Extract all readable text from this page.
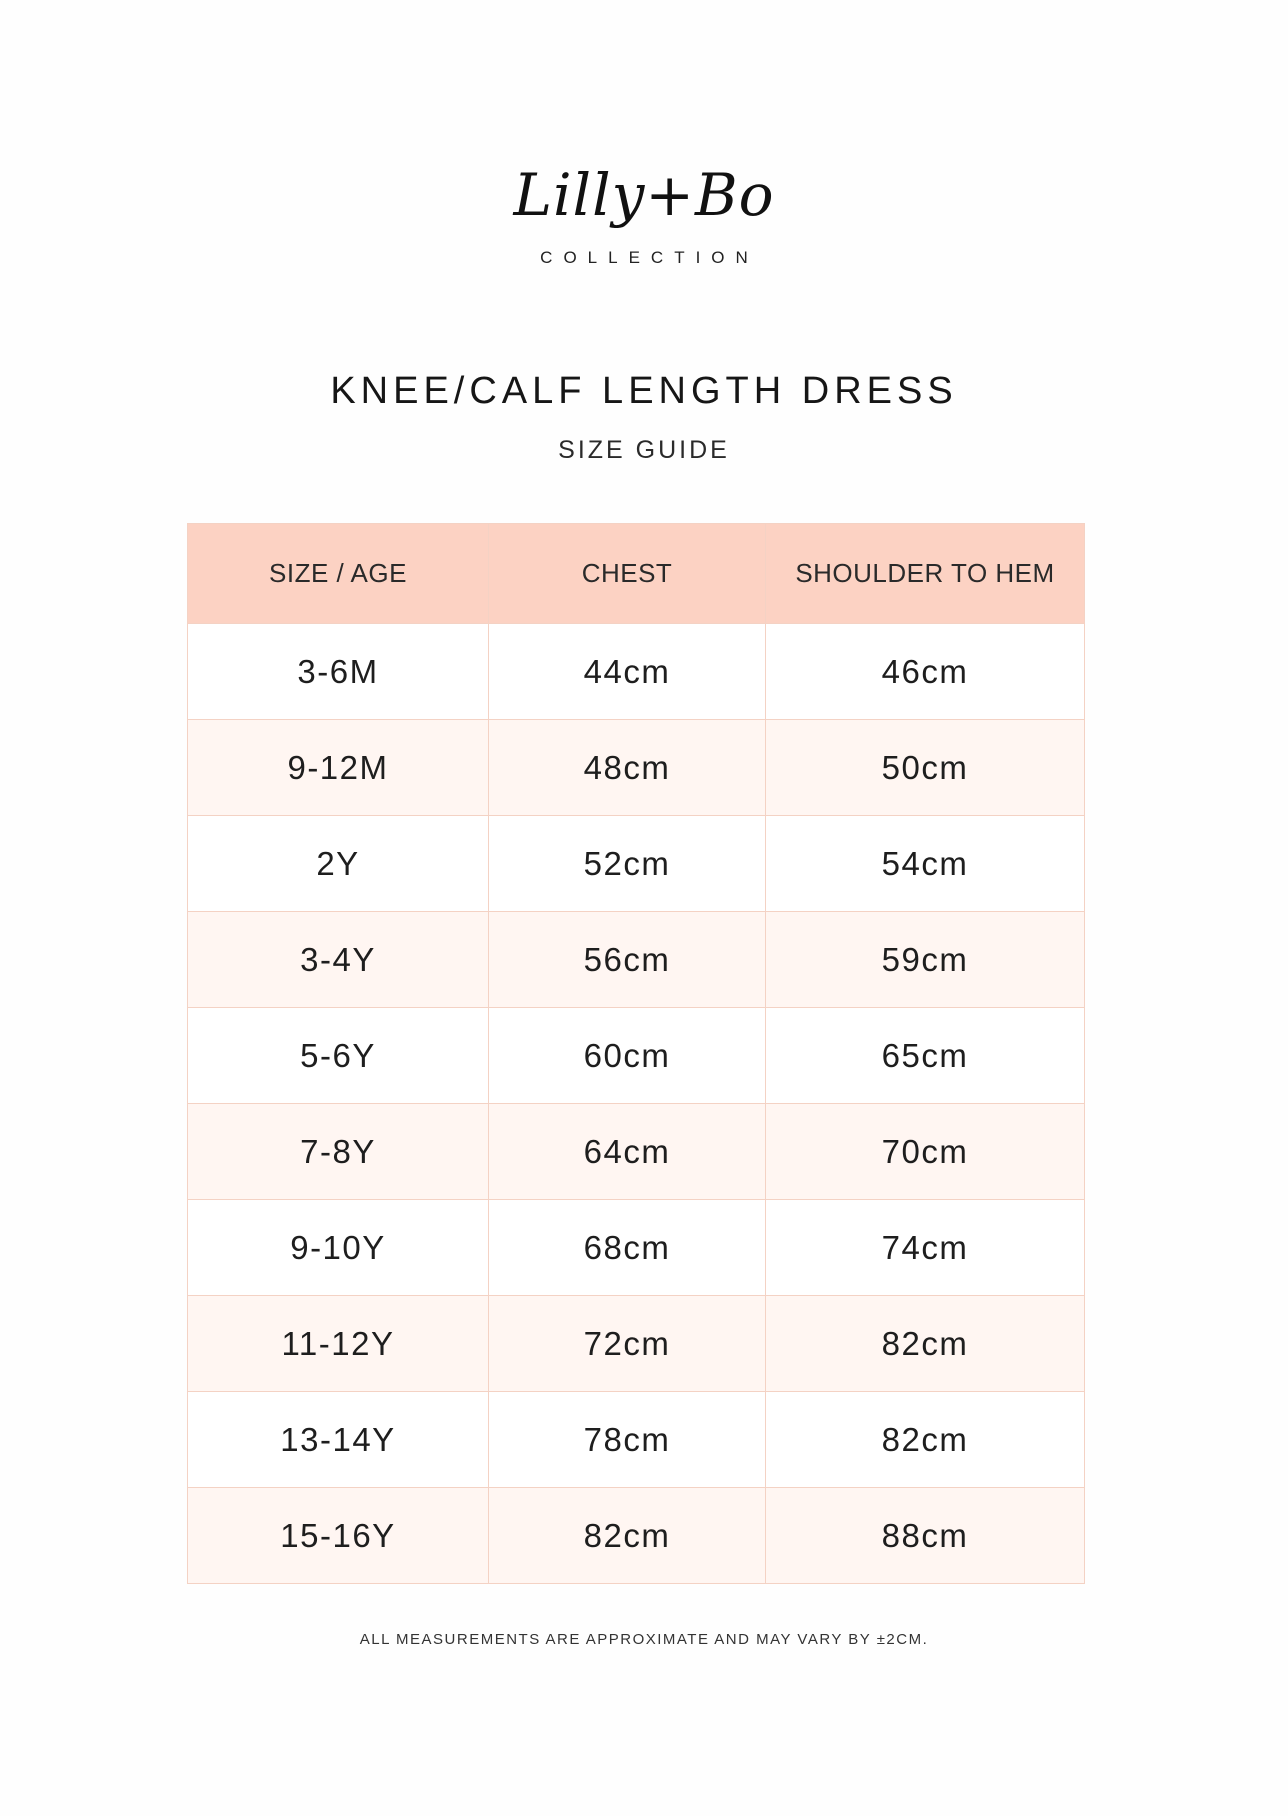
Lilly+Bo
COLLECTION
KNEE/CALF LENGTH DRESS
SIZE GUIDE
SIZE / AGE	CHEST	SHOULDER TO HEM
3-6M	44cm	46cm
9-12M	48cm	50cm
2Y	52cm	54cm
3-4Y	56cm	59cm
5-6Y	60cm	65cm
7-8Y	64cm	70cm
9-10Y	68cm	74cm
11-12Y	72cm	82cm
13-14Y	78cm	82cm
15-16Y	82cm	88cm
ALL MEASUREMENTS ARE APPROXIMATE AND MAY VARY BY ±2CM.
